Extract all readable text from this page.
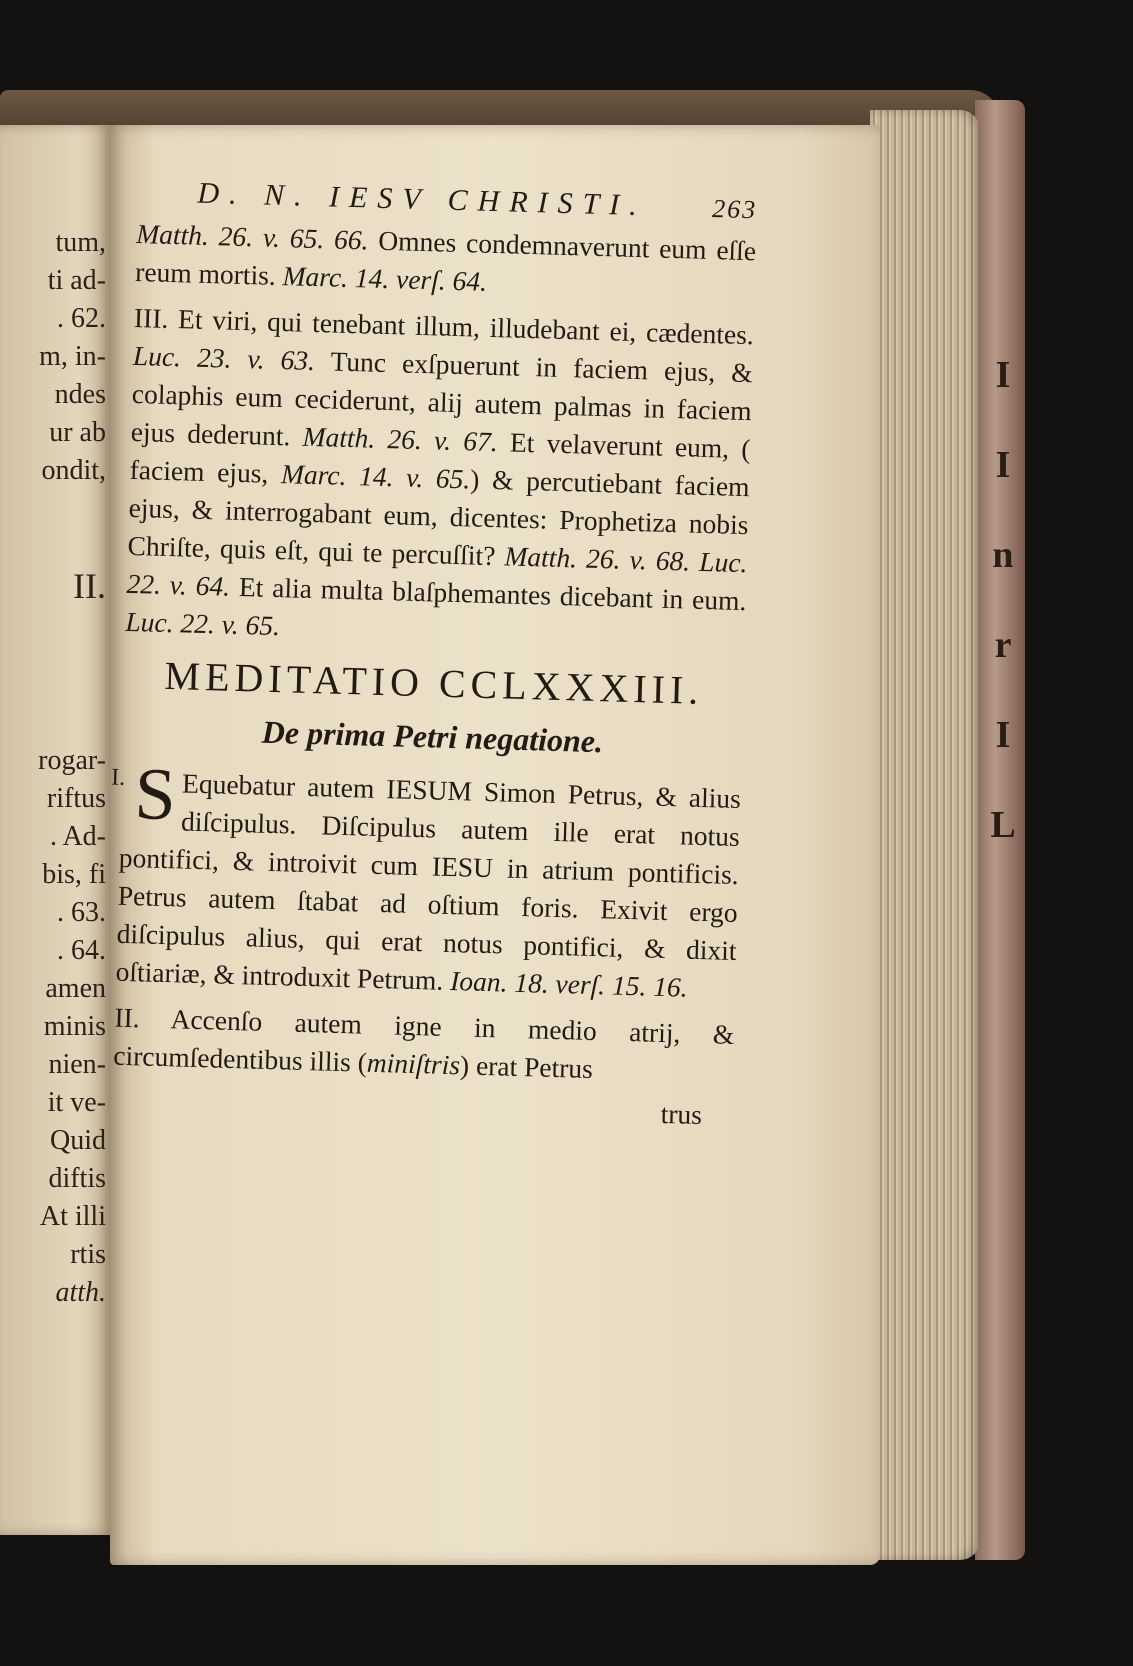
I
I
n
r
I
L
tum,
ti ad-
. 62.
m, in-
ndes
ur ab
ondit,
II.
rogar-
riftus
. Ad-
bis, fi
. 63.
. 64.
amen
minis
nien-
it ve-
Quid
diftis
At illi
rtis
atth.
D. N. IESV CHRISTI. 263

Matth. 26. v. 65. 66. Omnes condemnaverunt eum eſſe reum mortis. Marc. 14. verſ. 64.

III. Et viri, qui tenebant illum, illudebant ei, cædentes. Luc. 23. v. 63. Tunc exſpuerunt in faciem ejus, & colaphis eum ceciderunt, alij autem palmas in faciem ejus dederunt. Matth. 26. v. 67. Et velaverunt eum, ( faciem ejus, Marc. 14. v. 65.) & percutiebant faciem ejus, & interrogabant eum, dicentes: Prophetiza nobis Chriſte, quis eſt, qui te percuſſit? Matth. 26. v. 68. Luc. 22. v. 64. Et alia multa blaſphemantes dicebant in eum. Luc. 22. v. 65.

MEDITATIO CCLXXXIII.
De prima Petri negatione.

I. S Equebatur autem IESUM Simon Petrus, & alius diſcipulus. Diſcipulus autem ille erat notus pontifici, & introivit cum IESU in atrium pontificis. Petrus autem ſtabat ad oſtium foris. Exivit ergo diſcipulus alius, qui erat notus pontifici, & dixit oſtiariæ, & introduxit Petrum. Ioan. 18. verſ. 15. 16.

II. Accenſo autem igne in medio atrij, & circumſedentibus illis (miniſtris) erat Petrus

trus
